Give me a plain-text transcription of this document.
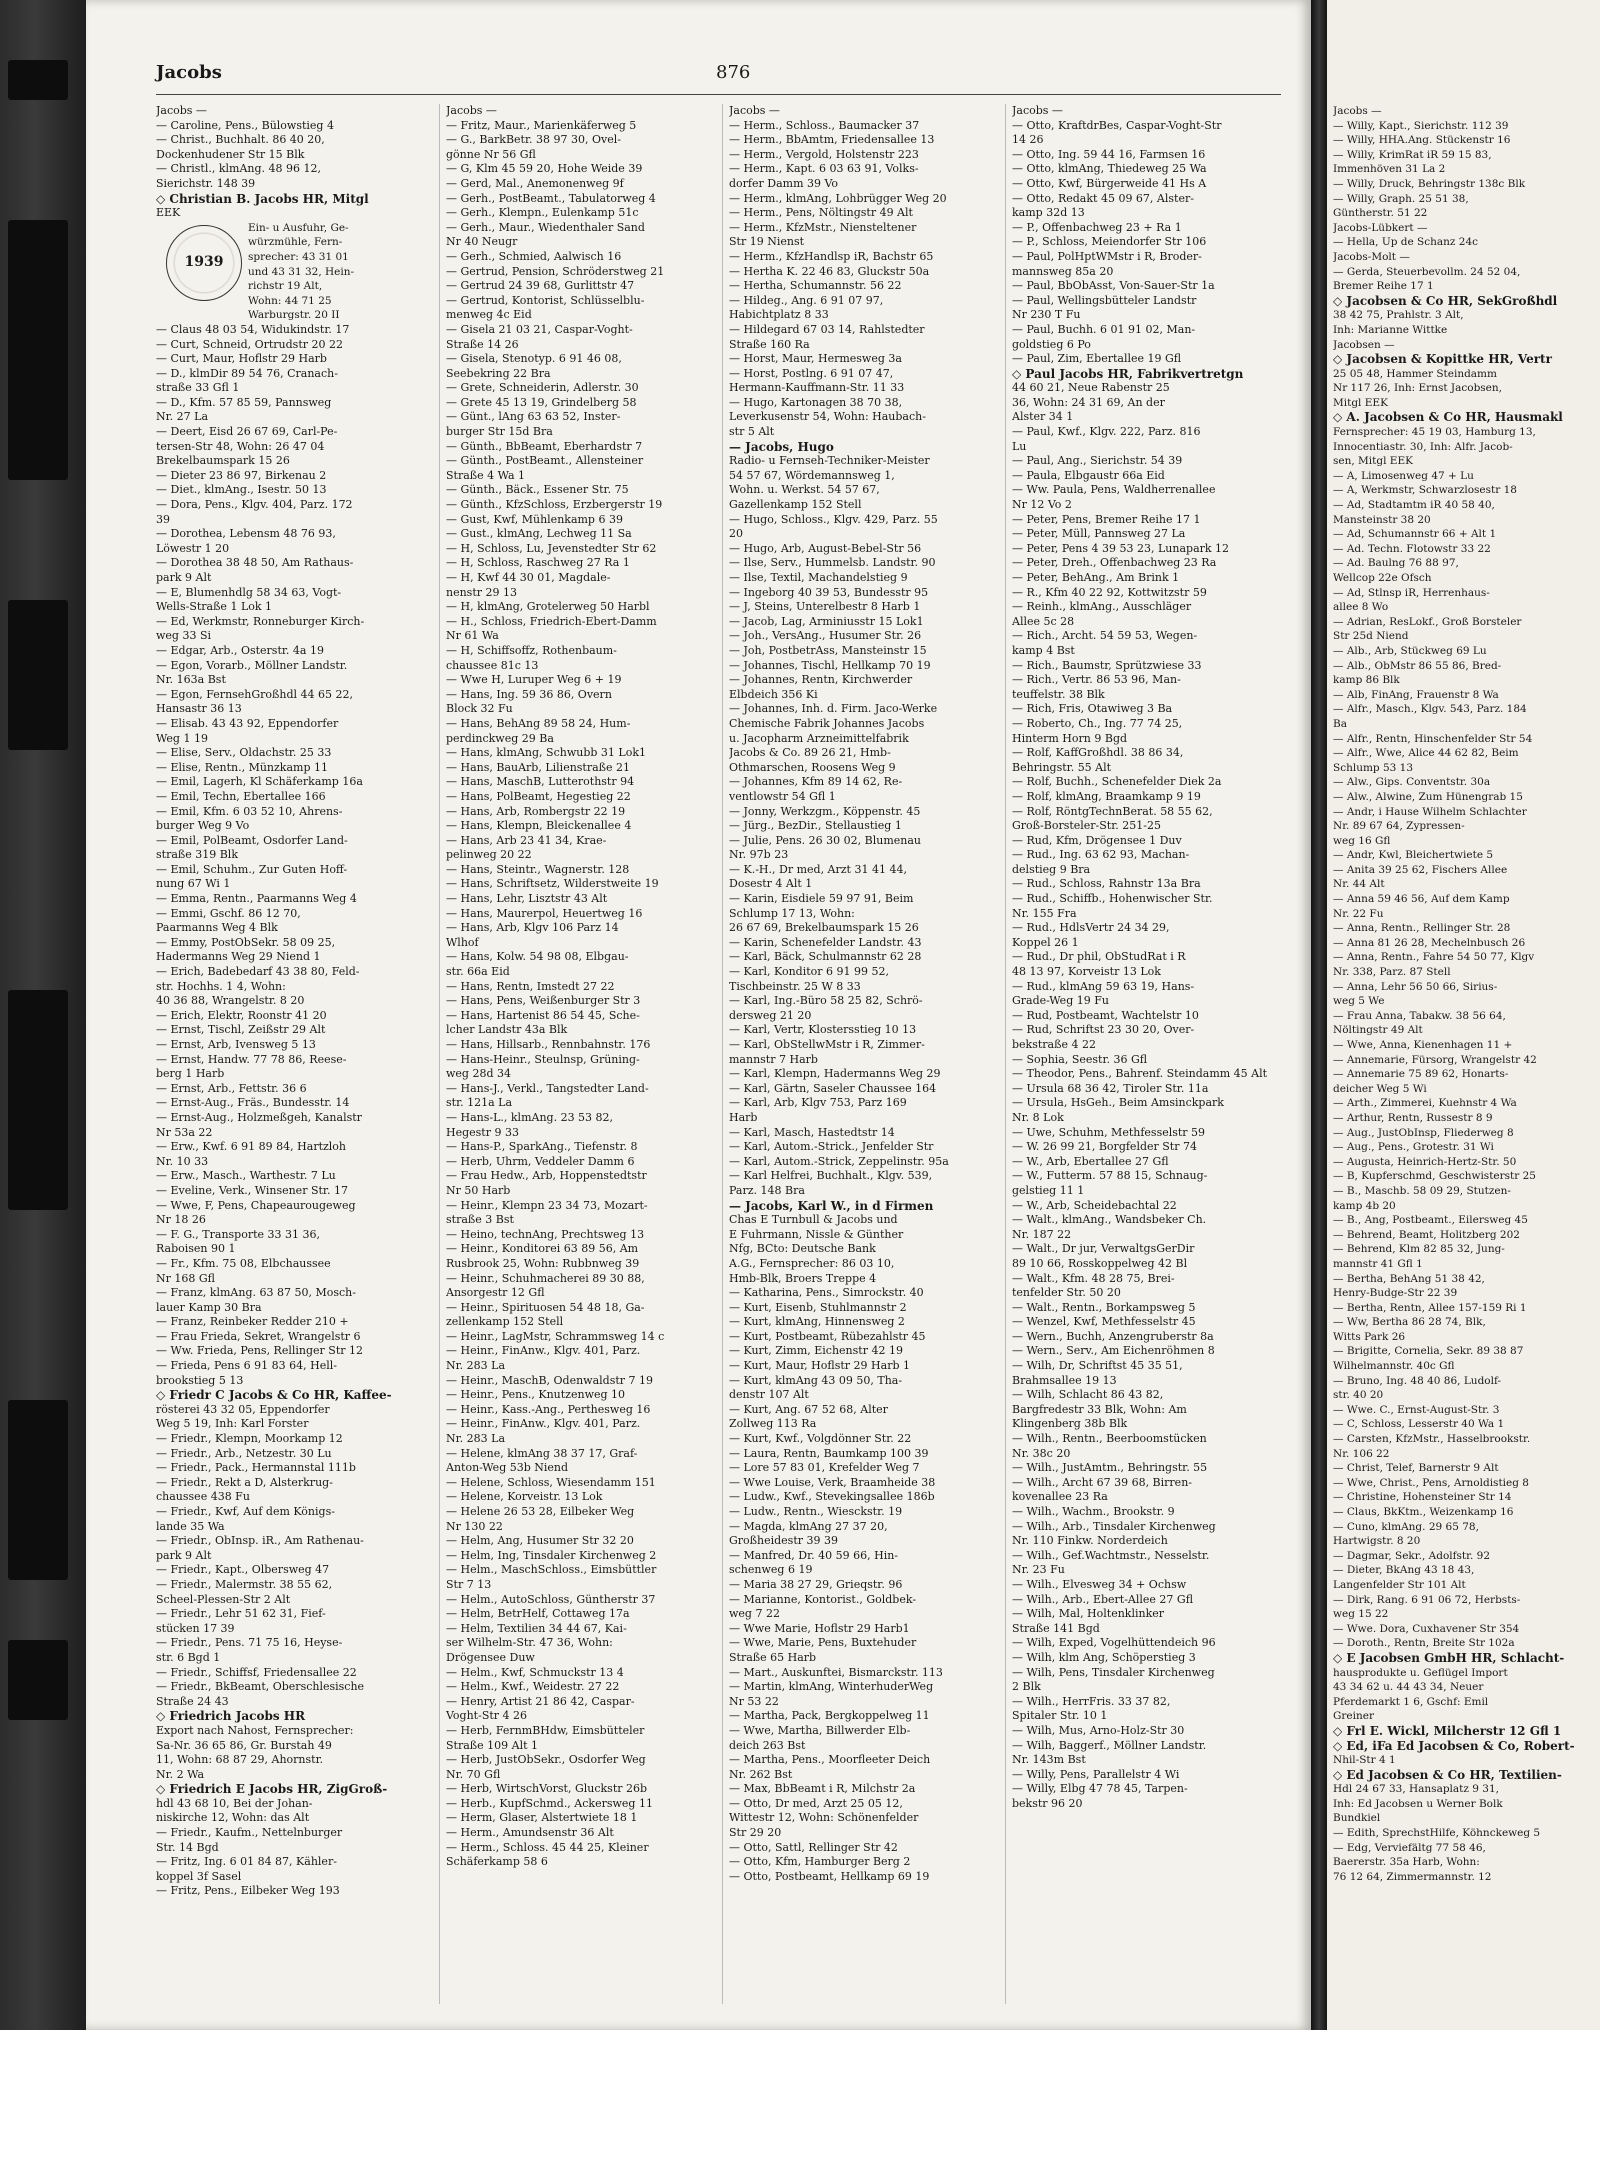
Jacobs	876
Jacobs —
— Caroline, Pens., Bülowstieg 4
— Christ., Buchhalt. 86 40 20,
Dockenhudener Str 15 Blk
— Christl., klmAng. 48 96 12,
Sierichstr. 148 39
◇ Christian B. Jacobs HR, Mitgl
EEK
1939
Ein- u Ausfuhr, Ge-
würzmühle, Fern-
sprecher: 43 31 01
und 43 31 32, Hein-
richstr 19 Alt,
Wohn: 44 71 25
Warburgstr. 20 II
— Claus 48 03 54, Widukindstr. 17
— Curt, Schneid, Ortrudstr 20 22
— Curt, Maur, Hoflstr 29 Harb
— D., klmDir 89 54 76, Cranach-
straße 33 Gfl 1
— D., Kfm. 57 85 59, Pannsweg
Nr. 27 La
— Deert, Eisd 26 67 69, Carl-Pe-
tersen-Str 48, Wohn: 26 47 04
Brekelbaumspark 15 26
— Dieter 23 86 97, Birkenau 2
— Diet., klmAng., Isestr. 50 13
— Dora, Pens., Klgv. 404, Parz. 172
39
— Dorothea, Lebensm 48 76 93,
Löwestr 1 20
— Dorothea 38 48 50, Am Rathaus-
park 9 Alt
— E, Blumenhdlg 58 34 63, Vogt-
Wells-Straße 1 Lok 1
— Ed, Werkmstr, Ronneburger Kirch-
weg 33 Si
— Edgar, Arb., Osterstr. 4a 19
— Egon, Vorarb., Möllner Landstr.
Nr. 163a Bst
— Egon, FernsehGroßhdl 44 65 22,
Hansastr 36 13
— Elisab. 43 43 92, Eppendorfer
Weg 1 19
— Elise, Serv., Oldachstr. 25 33
— Elise, Rentn., Münzkamp 11
— Emil, Lagerh, Kl Schäferkamp 16a
— Emil, Techn, Ebertallee 166
— Emil, Kfm. 6 03 52 10, Ahrens-
burger Weg 9 Vo
— Emil, PolBeamt, Osdorfer Land-
straße 319 Blk
— Emil, Schuhm., Zur Guten Hoff-
nung 67 Wi 1
— Emma, Rentn., Paarmanns Weg 4
— Emmi, Gschf. 86 12 70,
Paarmanns Weg 4 Blk
— Emmy, PostObSekr. 58 09 25,
Hadermanns Weg 29 Niend 1
— Erich, Badebedarf 43 38 80, Feld-
str. Hochhs. 1 4, Wohn:
40 36 88, Wrangelstr. 8 20
— Erich, Elektr, Roonstr 41 20
— Ernst, Tischl, Zeißstr 29 Alt
— Ernst, Arb, Ivensweg 5 13
— Ernst, Handw. 77 78 86, Reese-
berg 1 Harb
— Ernst, Arb., Fettstr. 36 6
— Ernst-Aug., Fräs., Bundesstr. 14
— Ernst-Aug., Holzmeßgeh, Kanalstr
Nr 53a 22
— Erw., Kwf. 6 91 89 84, Hartzloh
Nr. 10 33
— Erw., Masch., Warthestr. 7 Lu
— Eveline, Verk., Winsener Str. 17
— Wwe, F, Pens, Chapeaurougeweg
Nr 18 26
— F. G., Transporte 33 31 36,
Raboisen 90 1
— Fr., Kfm. 75 08, Elbchaussee
Nr 168 Gfl
— Franz, klmAng. 63 87 50, Mosch-
lauer Kamp 30 Bra
— Franz, Reinbeker Redder 210 +
— Frau Frieda, Sekret, Wrangelstr 6
— Ww. Frieda, Pens, Rellinger Str 12
— Frieda, Pens 6 91 83 64, Hell-
brookstieg 5 13
◇ Friedr C Jacobs & Co HR, Kaffee-
rösterei 43 32 05, Eppendorfer
Weg 5 19, Inh: Karl Forster
— Friedr., Klempn, Moorkamp 12
— Friedr., Arb., Netzestr. 30 Lu
— Friedr., Pack., Hermannstal 111b
— Friedr., Rekt a D, Alsterkrug-
chaussee 438 Fu
— Friedr., Kwf, Auf dem Königs-
lande 35 Wa
— Friedr., ObInsp. iR., Am Rathenau-
park 9 Alt
— Friedr., Kapt., Olbersweg 47
— Friedr., Malermstr. 38 55 62,
Scheel-Plessen-Str 2 Alt
— Friedr., Lehr 51 62 31, Fief-
stücken 17 39
— Friedr., Pens. 71 75 16, Heyse-
str. 6 Bgd 1
— Friedr., Schiffsf, Friedensallee 22
— Friedr., BkBeamt, Oberschlesische
Straße 24 43
◇ Friedrich Jacobs HR
Export nach Nahost, Fernsprecher:
Sa-Nr. 36 65 86, Gr. Burstah 49
11, Wohn: 68 87 29, Ahornstr.
Nr. 2 Wa
◇ Friedrich E Jacobs HR, ZigGroß-
hdl 43 68 10, Bei der Johan-
niskirche 12, Wohn: das Alt
— Friedr., Kaufm., Nettelnburger
Str. 14 Bgd
— Fritz, Ing. 6 01 84 87, Kähler-
koppel 3f Sasel
— Fritz, Pens., Eilbeker Weg 193
Jacobs —
— Fritz, Maur., Marienkäferweg 5
— G., BarkBetr. 38 97 30, Ovel-
gönne Nr 56 Gfl
— G, Klm 45 59 20, Hohe Weide 39
— Gerd, Mal., Anemonenweg 9f
— Gerh., PostBeamt., Tabulatorweg 4
— Gerh., Klempn., Eulenkamp 51c
— Gerh., Maur., Wiedenthaler Sand
Nr 40 Neugr
— Gerh., Schmied, Aalwisch 16
— Gertrud, Pension, Schröderstweg 21
— Gertrud 24 39 68, Gurlittstr 47
— Gertrud, Kontorist, Schlüsselblu-
menweg 4c Eid
— Gisela 21 03 21, Caspar-Voght-
Straße 14 26
— Gisela, Stenotyp. 6 91 46 08,
Seebekring 22 Bra
— Grete, Schneiderin, Adlerstr. 30
— Grete 45 13 19, Grindelberg 58
— Günt., lAng 63 63 52, Inster-
burger Str 15d Bra
— Günth., BbBeamt, Eberhardstr 7
— Günth., PostBeamt., Allensteiner
Straße 4 Wa 1
— Günth., Bäck., Essener Str. 75
— Günth., KfzSchloss, Erzbergerstr 19
— Gust, Kwf, Mühlenkamp 6 39
— Gust., klmAng, Lechweg 11 Sa
— H, Schloss, Lu, Jevenstedter Str 62
— H, Schloss, Raschweg 27 Ra 1
— H, Kwf 44 30 01, Magdale-
nenstr 29 13
— H, klmAng, Grotelerweg 50 Harbl
— H., Schloss, Friedrich-Ebert-Damm
Nr 61 Wa
— H, Schiffsoffz, Rothenbaum-
chaussee 81c 13
— Wwe H, Luruper Weg 6 + 19
— Hans, Ing. 59 36 86, Overn
Block 32 Fu
— Hans, BehAng 89 58 24, Hum-
perdinckweg 29 Ba
— Hans, klmAng, Schwubb 31 Lok1
— Hans, BauArb, Lilienstraße 21
— Hans, MaschB, Lutterothstr 94
— Hans, PolBeamt, Hegestieg 22
— Hans, Arb, Rombergstr 22 19
— Hans, Klempn, Bleickenallee 4
— Hans, Arb 23 41 34, Krae-
pelinweg 20 22
— Hans, Steintr., Wagnerstr. 128
— Hans, Schriftsetz, Wilderstweite 19
— Hans, Lehr, Lisztstr 43 Alt
— Hans, Maurerpol, Heuertweg 16
— Hans, Arb, Klgv 106 Parz 14
Wlhof
— Hans, Kolw. 54 98 08, Elbgau-
str. 66a Eid
— Hans, Rentn, Imstedt 27 22
— Hans, Pens, Weißenburger Str 3
— Hans, Hartenist 86 54 45, Sche-
lcher Landstr 43a Blk
— Hans, Hillsarb., Rennbahnstr. 176
— Hans-Heinr., Steulnsp, Grüning-
weg 28d 34
— Hans-J., Verkl., Tangstedter Land-
str. 121a La
— Hans-L., klmAng. 23 53 82,
Hegestr 9 33
— Hans-P., SparkAng., Tiefenstr. 8
— Herb, Uhrm, Veddeler Damm 6
— Frau Hedw., Arb, Hoppenstedtstr
Nr 50 Harb
— Heinr., Klempn 23 34 73, Mozart-
straße 3 Bst
— Heino, technAng, Prechtsweg 13
— Heinr., Konditorei 63 89 56, Am
Rusbrook 25, Wohn: Rubbnweg 39
— Heinr., Schuhmacherei 89 30 88,
Ansorgestr 12 Gfl
— Heinr., Spirituosen 54 48 18, Ga-
zellenkamp 152 Stell
— Heinr., LagMstr, Schrammsweg 14 c
— Heinr., FinAnw., Klgv. 401, Parz.
Nr. 283 La
— Heinr., MaschB, Odenwaldstr 7 19
— Heinr., Pens., Knutzenweg 10
— Heinr., Kass.-Ang., Perthesweg 16
— Heinr., FinAnw., Klgv. 401, Parz.
Nr. 283 La
— Helene, klmAng 38 37 17, Graf-
Anton-Weg 53b Niend
— Helene, Schloss, Wiesendamm 151
— Helene, Korveistr. 13 Lok
— Helene 26 53 28, Eilbeker Weg
Nr 130 22
— Helm, Ang, Husumer Str 32 20
— Helm, Ing, Tinsdaler Kirchenweg 2
— Helm., MaschSchloss., Eimsbüttler
Str 7 13
— Helm., AutoSchloss, Güntherstr 37
— Helm, BetrHelf, Cottaweg 17a
— Helm, Textilien 34 44 67, Kai-
ser Wilhelm-Str. 47 36, Wohn:
Drögensee Duw
— Helm., Kwf, Schmuckstr 13 4
— Helm., Kwf., Weidestr. 27 22
— Henry, Artist 21 86 42, Caspar-
Voght-Str 4 26
— Herb, FernmBHdw, Eimsbütteler
Straße 109 Alt 1
— Herb, JustObSekr., Osdorfer Weg
Nr. 70 Gfl
— Herb, WirtschVorst, Gluckstr 26b
— Herb., KupfSchmd., Ackersweg 11
— Herm, Glaser, Alstertwiete 18 1
— Herm., Amundsenstr 36 Alt
— Herm., Schloss. 45 44 25, Kleiner
Schäferkamp 58 6
Jacobs —
— Herm., Schloss., Baumacker 37
— Herm., BbAmtm, Friedensallee 13
— Herm., Vergold, Holstenstr 223
— Herm., Kapt. 6 03 63 91, Volks-
dorfer Damm 39 Vo
— Herm., klmAng, Lohbrügger Weg 20
— Herm., Pens, Nöltingstr 49 Alt
— Herm., KfzMstr., Niensteltener
Str 19 Nienst
— Herm., KfzHandlsp iR, Bachstr 65
— Hertha K. 22 46 83, Gluckstr 50a
— Hertha, Schumannstr. 56 22
— Hildeg., Ang. 6 91 07 97,
Habichtplatz 8 33
— Hildegard 67 03 14, Rahlstedter
Straße 160 Ra
— Horst, Maur, Hermesweg 3a
— Horst, Postlng. 6 91 07 47,
Hermann-Kauffmann-Str. 11 33
— Hugo, Kartonagen 38 70 38,
Leverkusenstr 54, Wohn: Haubach-
str 5 Alt
— Jacobs, Hugo
Radio- u Fernseh-Techniker-Meister
54 57 67, Wördemannsweg 1,
Wohn. u. Werkst. 54 57 67,
Gazellenkamp 152 Stell
— Hugo, Schloss., Klgv. 429, Parz. 55
20
— Hugo, Arb, August-Bebel-Str 56
— Ilse, Serv., Hummelsb. Landstr. 90
— Ilse, Textil, Machandelstieg 9
— Ingeborg 40 39 53, Bundesstr 95
— J, Steins, Unterelbestr 8 Harb 1
— Jacob, Lag, Arminiusstr 15 Lok1
— Joh., VersAng., Husumer Str. 26
— Joh, PostbetrAss, Mansteinstr 15
— Johannes, Tischl, Hellkamp 70 19
— Johannes, Rentn, Kirchwerder
Elbdeich 356 Ki
— Johannes, Inh. d. Firm. Jaco-Werke
Chemische Fabrik Johannes Jacobs
u. Jacopharm Arzneimittelfabrik
Jacobs & Co. 89 26 21, Hmb-
Othmarschen, Roosens Weg 9
— Johannes, Kfm 89 14 62, Re-
ventlowstr 54 Gfl 1
— Jonny, Werkzgm., Köppenstr. 45
— Jürg., BezDir., Stellaustieg 1
— Julie, Pens. 26 30 02, Blumenau
Nr. 97b 23
— K.-H., Dr med, Arzt 31 41 44,
Dosestr 4 Alt 1
— Karin, Eisdiele 59 97 91, Beim
Schlump 17 13, Wohn:
26 67 69, Brekelbaumspark 15 26
— Karin, Schenefelder Landstr. 43
— Karl, Bäck, Schulmannstr 62 28
— Karl, Konditor 6 91 99 52,
Tischbeinstr. 25 W 8 33
— Karl, Ing.-Büro 58 25 82, Schrö-
dersweg 21 20
— Karl, Vertr, Klostersstieg 10 13
— Karl, ObStellwMstr i R, Zimmer-
mannstr 7 Harb
— Karl, Klempn, Hadermanns Weg 29
— Karl, Gärtn, Saseler Chaussee 164
— Karl, Arb, Klgv 753, Parz 169
Harb
— Karl, Masch, Hastedtstr 14
— Karl, Autom.-Strick., Jenfelder Str
— Karl, Autom.-Strick, Zeppelinstr. 95a
— Karl Helfrei, Buchhalt., Klgv. 539,
Parz. 148 Bra
— Jacobs, Karl W., in d Firmen
Chas E Turnbull & Jacobs und
E Fuhrmann, Nissle & Günther
Nfg, BCto: Deutsche Bank
A.G., Fernsprecher: 86 03 10,
Hmb-Blk, Broers Treppe 4
— Katharina, Pens., Simrockstr. 40
— Kurt, Eisenb, Stuhlmannstr 2
— Kurt, klmAng, Hinnensweg 2
— Kurt, Postbeamt, Rübezahlstr 45
— Kurt, Zimm, Eichenstr 42 19
— Kurt, Maur, Hoflstr 29 Harb 1
— Kurt, klmAng 43 09 50, Tha-
denstr 107 Alt
— Kurt, Ang. 67 52 68, Alter
Zollweg 113 Ra
— Kurt, Kwf., Volgdönner Str. 22
— Laura, Rentn, Baumkamp 100 39
— Lore 57 83 01, Krefelder Weg 7
— Wwe Louise, Verk, Braamheide 38
— Ludw., Kwf., Stevekingsallee 186b
— Ludw., Rentn., Wiesckstr. 19
— Magda, klmAng 27 37 20,
Großheidestr 39 39
— Manfred, Dr. 40 59 66, Hin-
schenweg 6 19
— Maria 38 27 29, Grieqstr. 96
— Marianne, Kontorist., Goldbek-
weg 7 22
— Wwe Marie, Hoflstr 29 Harb1
— Wwe, Marie, Pens, Buxtehuder
Straße 65 Harb
— Mart., Auskunftei, Bismarckstr. 113
— Martin, klmAng, WinterhuderWeg
Nr 53 22
— Martha, Pack, Bergkoppelweg 11
— Wwe, Martha, Billwerder Elb-
deich 263 Bst
— Martha, Pens., Moorfleeter Deich
Nr. 262 Bst
— Max, BbBeamt i R, Milchstr 2a
— Otto, Dr med, Arzt 25 05 12,
Wittestr 12, Wohn: Schönenfelder
Str 29 20
— Otto, Sattl, Rellinger Str 42
— Otto, Kfm, Hamburger Berg 2
— Otto, Postbeamt, Hellkamp 69 19
Jacobs —
— Otto, KraftdrBes, Caspar-Voght-Str
14 26
— Otto, Ing. 59 44 16, Farmsen 16
— Otto, klmAng, Thiedeweg 25 Wa
— Otto, Kwf, Bürgerweide 41 Hs A
— Otto, Redakt 45 09 67, Alster-
kamp 32d 13
— P., Offenbachweg 23 + Ra 1
— P., Schloss, Meiendorfer Str 106
— Paul, PolHptWMstr i R, Broder-
mannsweg 85a 20
— Paul, BbObAsst, Von-Sauer-Str 1a
— Paul, Wellingsbütteler Landstr
Nr 230 T Fu
— Paul, Buchh. 6 01 91 02, Man-
goldstieg 6 Po
— Paul, Zim, Ebertallee 19 Gfl
◇ Paul Jacobs HR, Fabrikvertretgn
44 60 21, Neue Rabenstr 25
36, Wohn: 24 31 69, An der
Alster 34 1
— Paul, Kwf., Klgv. 222, Parz. 816
Lu
— Paul, Ang., Sierichstr. 54 39
— Paula, Elbgaustr 66a Eid
— Ww. Paula, Pens, Waldherrenallee
Nr 12 Vo 2
— Peter, Pens, Bremer Reihe 17 1
— Peter, Müll, Pannsweg 27 La
— Peter, Pens 4 39 53 23, Lunapark 12
— Peter, Dreh., Offenbachweg 23 Ra
— Peter, BehAng., Am Brink 1
— R., Kfm 40 22 92, Kottwitzstr 59
— Reinh., klmAng., Ausschläger
Allee 5c 28
— Rich., Archt. 54 59 53, Wegen-
kamp 4 Bst
— Rich., Baumstr, Sprützwiese 33
— Rich., Vertr. 86 53 96, Man-
teuffelstr. 38 Blk
— Rich, Fris, Otawiweg 3 Ba
— Roberto, Ch., Ing. 77 74 25,
Hinterm Horn 9 Bgd
— Rolf, KaffGroßhdl. 38 86 34,
Behringstr. 55 Alt
— Rolf, Buchh., Schenefelder Diek 2a
— Rolf, klmAng, Braamkamp 9 19
— Rolf, RöntgTechnBerat. 58 55 62,
Groß-Borsteler-Str. 251-25
— Rud, Kfm, Drögensee 1 Duv
— Rud., Ing. 63 62 93, Machan-
delstieg 9 Bra
— Rud., Schloss, Rahnstr 13a Bra
— Rud., Schiffb., Hohenwischer Str.
Nr. 155 Fra
— Rud., HdlsVertr 24 34 29,
Koppel 26 1
— Rud., Dr phil, ObStudRat i R
48 13 97, Korveistr 13 Lok
— Rud., klmAng 59 63 19, Hans-
Grade-Weg 19 Fu
— Rud, Postbeamt, Wachtelstr 10
— Rud, Schriftst 23 30 20, Over-
bekstraße 4 22
— Sophia, Seestr. 36 Gfl
— Theodor, Pens., Bahrenf. Steindamm 45 Alt
— Ursula 68 36 42, Tiroler Str. 11a
— Ursula, HsGeh., Beim Amsinckpark
Nr. 8 Lok
— Uwe, Schuhm, Methfesselstr 59
— W. 26 99 21, Borgfelder Str 74
— W., Arb, Ebertallee 27 Gfl
— W., Futterm. 57 88 15, Schnaug-
gelstieg 11 1
— W., Arb, Scheidebachtal 22
— Walt., klmAng., Wandsbeker Ch.
Nr. 187 22
— Walt., Dr jur, VerwaltgsGerDir
89 10 66, Rosskoppelweg 42 Bl
— Walt., Kfm. 48 28 75, Brei-
tenfelder Str. 50 20
— Walt., Rentn., Borkampsweg 5
— Wenzel, Kwf, Methfesselstr 45
— Wern., Buchh, Anzengruberstr 8a
— Wern., Serv., Am Eichenröhmen 8
— Wilh, Dr, Schriftst 45 35 51,
Brahmsallee 19 13
— Wilh, Schlacht 86 43 82,
Bargfredestr 33 Blk, Wohn: Am
Klingenberg 38b Blk
— Wilh., Rentn., Beerboomstücken
Nr. 38c 20
— Wilh., JustAmtm., Behringstr. 55
— Wilh., Archt 67 39 68, Birren-
kovenallee 23 Ra
— Wilh., Wachm., Brookstr. 9
— Wilh., Arb., Tinsdaler Kirchenweg
Nr. 110 Finkw. Norderdeich
— Wilh., Gef.Wachtmstr., Nesselstr.
Nr. 23 Fu
— Wilh., Elvesweg 34 + Ochsw
— Wilh., Arb., Ebert-Allee 27 Gfl
— Wilh, Mal, Holtenklinker
Straße 141 Bgd
— Wilh, Exped, Vogelhüttendeich 96
— Wilh, klm Ang, Schöperstieg 3
— Wilh, Pens, Tinsdaler Kirchenweg
2 Blk
— Wilh., HerrFris. 33 37 82,
Spitaler Str. 10 1
— Wilh, Mus, Arno-Holz-Str 30
— Wilh, Baggerf., Möllner Landstr.
Nr. 143m Bst
— Willy, Pens, Parallelstr 4 Wi
— Willy, Elbg 47 78 45, Tarpen-
bekstr 96 20
Jacobs —
— Willy, Kapt., Sierichstr. 112 39
— Willy, HHA.Ang. Stückenstr 16
— Willy, KrimRat iR 59 15 83,
Immenhöven 31 La 2
— Willy, Druck, Behringstr 138c Blk
— Willy, Graph. 25 51 38,
Güntherstr. 51 22
Jacobs-Lübkert —
— Hella, Up de Schanz 24c
Jacobs-Molt —
— Gerda, Steuerbevollm. 24 52 04,
Bremer Reihe 17 1
◇ Jacobsen & Co HR, SekGroßhdl
38 42 75, Prahlstr. 3 Alt,
Inh: Marianne Wittke
Jacobsen —
◇ Jacobsen & Kopittke HR, Vertr
25 05 48, Hammer Steindamm
Nr 117 26, Inh: Ernst Jacobsen,
Mitgl EEK
◇ A. Jacobsen & Co HR, Hausmakl
Fernsprecher: 45 19 03, Hamburg 13,
Innocentiastr. 30, Inh: Alfr. Jacob-
sen, Mitgl EEK
— A, Limosenweg 47 + Lu
— A, Werkmstr, Schwarzlosestr 18
— Ad, Stadtamtm iR 40 58 40,
Mansteinstr 38 20
— Ad, Schumannstr 66 + Alt 1
— Ad. Techn. Flotowstr 33 22
— Ad. Baulng 76 88 97,
Wellcop 22e Ofsch
— Ad, Stlnsp iR, Herrenhaus-
allee 8 Wo
— Adrian, ResLokf., Groß Borsteler
Str 25d Niend
— Alb., Arb, Stückweg 69 Lu
— Alb., ObMstr 86 55 86, Bred-
kamp 86 Blk
— Alb, FinAng, Frauenstr 8 Wa
— Alfr., Masch., Klgv. 543, Parz. 184
Ba
— Alfr., Rentn, Hinschenfelder Str 54
— Alfr., Wwe, Alice 44 62 82, Beim
Schlump 53 13
— Alw., Gips. Conventstr. 30a
— Alw., Alwine, Zum Hünengrab 15
— Andr, i Hause Wilhelm Schlachter
Nr. 89 67 64, Zypressen-
weg 16 Gfl
— Andr, Kwl, Bleichertwiete 5
— Anita 39 25 62, Fischers Allee
Nr. 44 Alt
— Anna 59 46 56, Auf dem Kamp
Nr. 22 Fu
— Anna, Rentn., Rellinger Str. 28
— Anna 81 26 28, Mechelnbusch 26
— Anna, Rentn., Fahre 54 50 77, Klgv
Nr. 338, Parz. 87 Stell
— Anna, Lehr 56 50 66, Sirius-
weg 5 We
— Frau Anna, Tabakw. 38 56 64,
Nöltingstr 49 Alt
— Wwe, Anna, Kienenhagen 11 +
— Annemarie, Fürsorg, Wrangelstr 42
— Annemarie 75 89 62, Honarts-
deicher Weg 5 Wi
— Arth., Zimmerei, Kuehnstr 4 Wa
— Arthur, Rentn, Russestr 8 9
— Aug., JustObInsp, Fliederweg 8
— Aug., Pens., Grotestr. 31 Wi
— Augusta, Heinrich-Hertz-Str. 50
— B, Kupferschmd, Geschwisterstr 25
— B., Maschb. 58 09 29, Stutzen-
kamp 4b 20
— B., Ang, Postbeamt., Eilersweg 45
— Behrend, Beamt, Holitzberg 202
— Behrend, Klm 82 85 32, Jung-
mannstr 41 Gfl 1
— Bertha, BehAng 51 38 42,
Henry-Budge-Str 22 39
— Bertha, Rentn, Allee 157-159 Ri 1
— Ww, Bertha 86 28 74, Blk,
Witts Park 26
— Brigitte, Cornelia, Sekr. 89 38 87
Wilhelmannstr. 40c Gfl
— Bruno, Ing. 48 40 86, Ludolf-
str. 40 20
— Wwe. C., Ernst-August-Str. 3
— C, Schloss, Lesserstr 40 Wa 1
— Carsten, KfzMstr., Hasselbrookstr.
Nr. 106 22
— Christ, Telef, Barnerstr 9 Alt
— Wwe, Christ., Pens, Arnoldistieg 8
— Christine, Hohensteiner Str 14
— Claus, BkKtm., Weizenkamp 16
— Cuno, klmAng. 29 65 78,
Hartwigstr. 8 20
— Dagmar, Sekr., Adolfstr. 92
— Dieter, BkAng 43 18 43,
Langenfelder Str 101 Alt
— Dirk, Rang. 6 91 06 72, Herbsts-
weg 15 22
— Wwe. Dora, Cuxhavener Str 354
— Doroth., Rentn, Breite Str 102a
◇ E Jacobsen GmbH HR, Schlacht-
hausprodukte u. Geflügel Import
43 34 62 u. 44 43 34, Neuer
Pferdemarkt 1 6, Gschf: Emil
Greiner
◇ Frl E. Wickl, Milcherstr 12 Gfl 1
◇ Ed, iFa Ed Jacobsen & Co, Robert-
Nhil-Str 4 1
◇ Ed Jacobsen & Co HR, Textilien-
Hdl 24 67 33, Hansaplatz 9 31,
Inh: Ed Jacobsen u Werner Bolk
Bundkiel
— Edith, SprechstHilfe, Köhnckeweg 5
— Edg, Verviefältg 77 58 46,
Baererstr. 35a Harb, Wohn:
76 12 64, Zimmermannstr. 12
